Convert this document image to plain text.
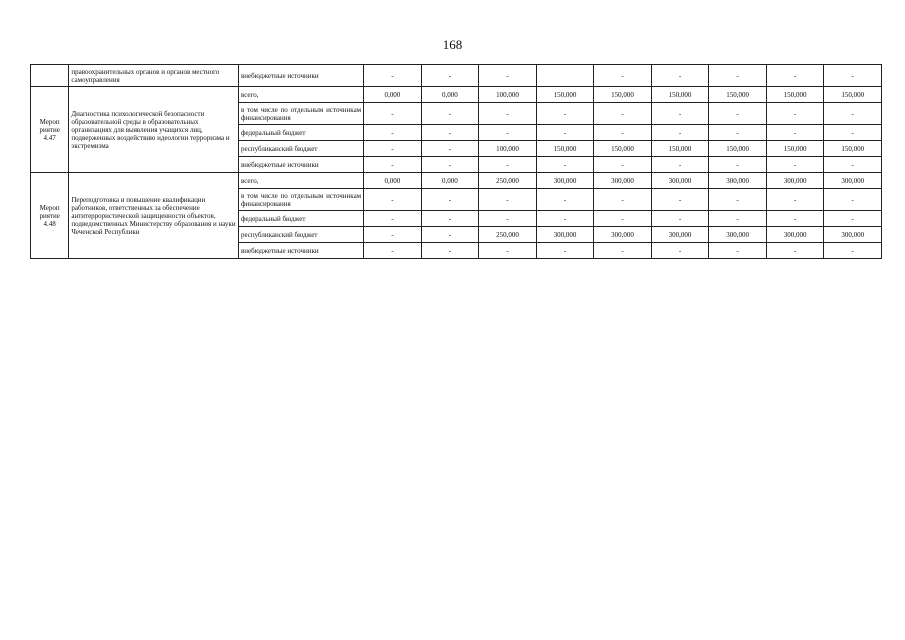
168
	правоохранительных органов и органов местного самоуправления	внебюджетные источники	-	-	-		-	-	-	-	-
Мероп риятие 4.47	Диагностика психологической безопасности образовательной среды в образовательных организациях для выявления учащихся лиц, подверженных воздействию идеологии терроризма и экстремизма	всего,	0,000	0,000	100,000	150,000	150,000	150,000	150,000	150,000	150,000
		в том числе по отдельным источникам финансирования	-	-	-	-	-	-	-	-	-
		федеральный бюджет	-	-	-	-	-	-	-	-	-
		республиканский бюджет	-	-	100,000	150,000	150,000	150,000	150,000	150,000	150,000
		внебюджетные источники	-	-	-	-	-	-	-	-	-
Мероп риятие 4.48	Переподготовка и повышение квалификации работников, ответственных за обеспечение антитеррористической защищенности объектов, подведомственных Министерству образования и науки Чеченской Республики	всего,	0,000	0,000	250,000	300,000	300,000	300,000	300,000	300,000	300,000
		в том числе по отдельным источникам финансирования	-	-	-	-	-	-	-	-	-
		федеральный бюджет	-	-	-	-	-	-	-	-	-
		республиканский бюджет	-	-	250,000	300,000	300,000	300,000	300,000	300,000	300,000
		внебюджетные источники	-	-	-	-	-	-	-	-	-
